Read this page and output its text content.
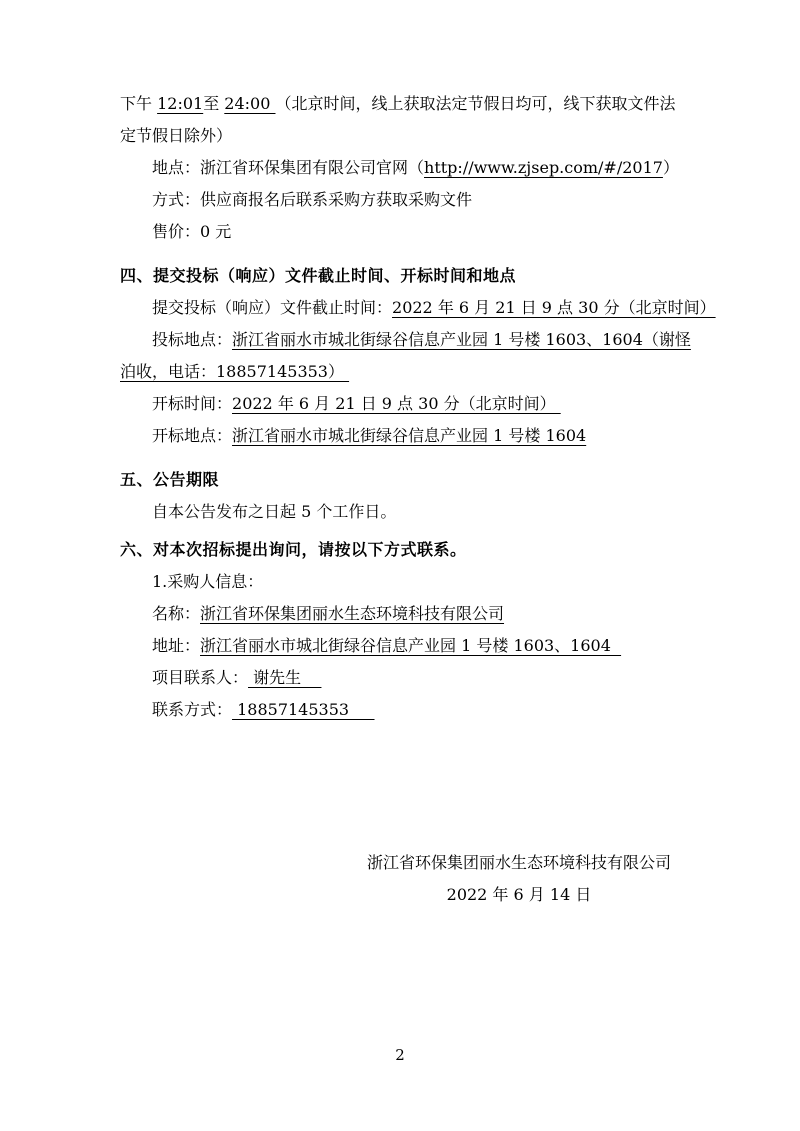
下午 12:01至 24:00 （北京时间，线上获取法定节假日均可，线下获取文件法
定节假日除外）
地点：浙江省环保集团有限公司官网（http://www.zjsep.com/#/2017）
方式：供应商报名后联系采购方获取采购文件
售价：0 元
四、提交投标（响应）文件截止时间、开标时间和地点
提交投标（响应）文件截止时间：2022 年 6 月 21 日 9 点 30 分（北京时间）
投标地点：浙江省丽水市城北街绿谷信息产业园 1 号楼 1603、1604（谢怪
泊收，电话：18857145353）
开标时间：2022 年 6 月 21 日 9 点 30 分（北京时间）
开标地点：浙江省丽水市城北街绿谷信息产业园 1 号楼 1604
五、公告期限
自本公告发布之日起 5 个工作日。
六、对本次招标提出询问，请按以下方式联系。
1.采购人信息：
名称：浙江省环保集团丽水生态环境科技有限公司
地址：浙江省丽水市城北街绿谷信息产业园 1 号楼 1603、1604
项目联系人： 谢先生
联系方式： 18857145353
浙江省环保集团丽水生态环境科技有限公司
2022 年 6 月 14 日
2
